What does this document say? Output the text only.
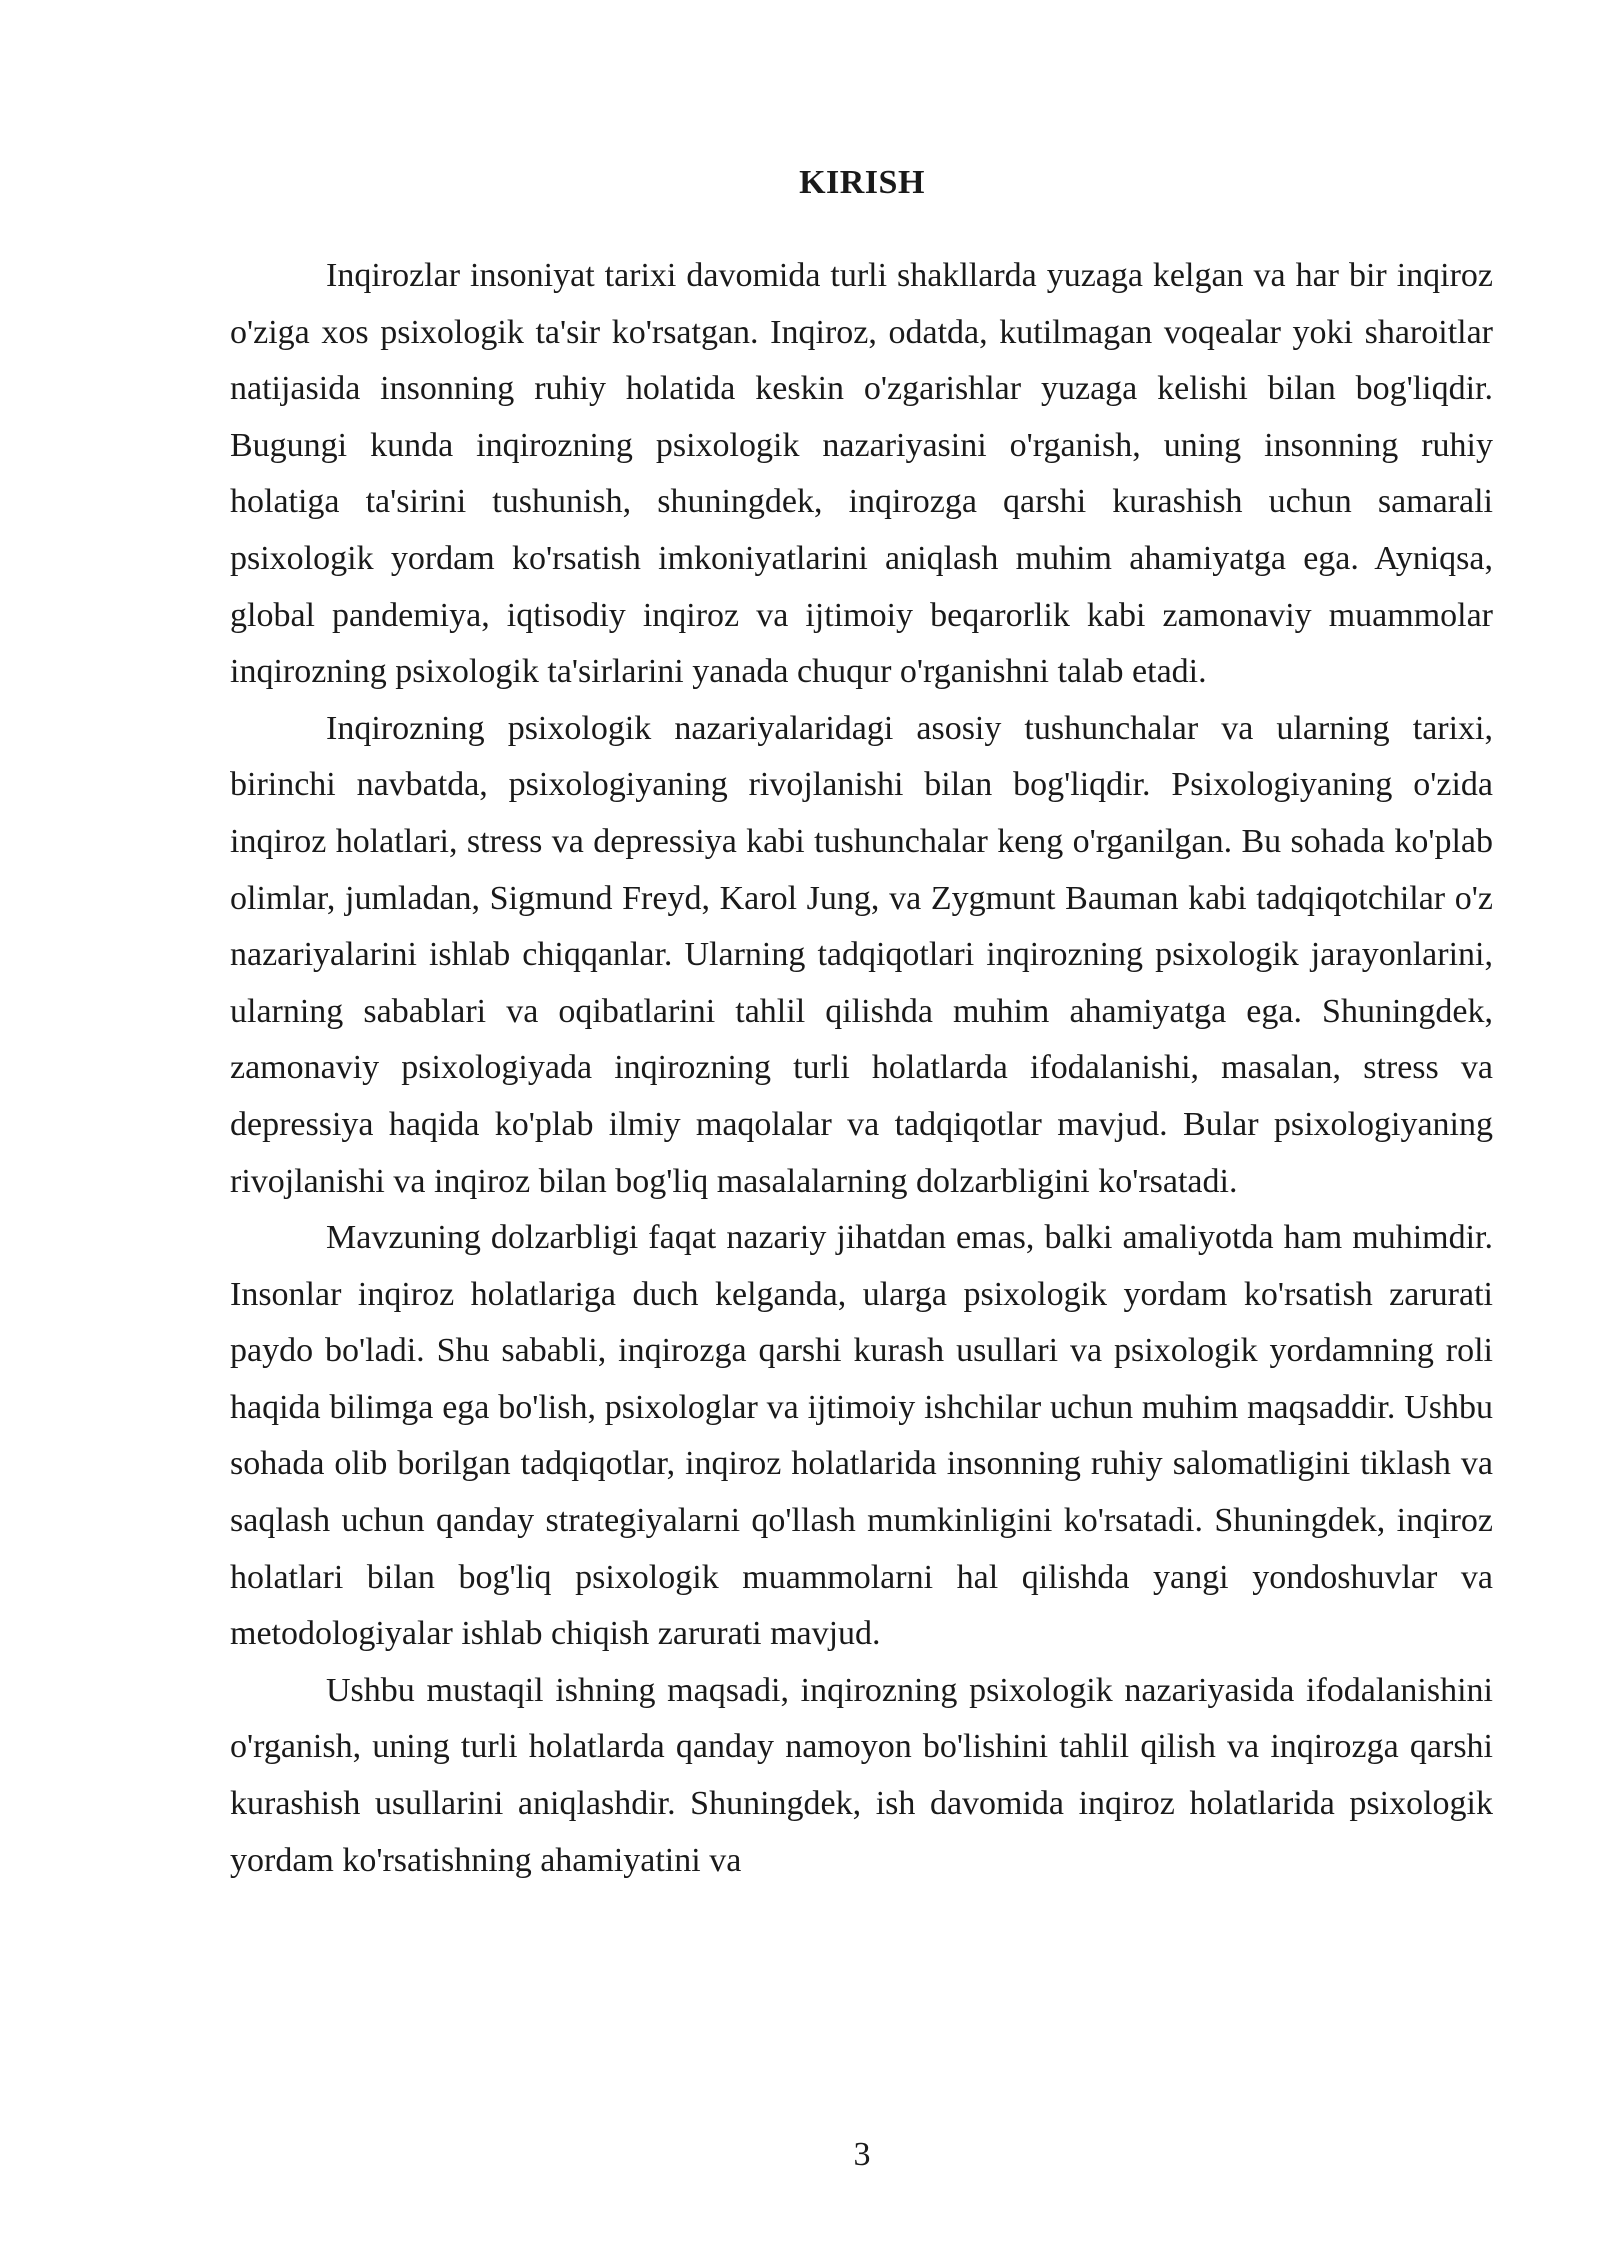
KIRISH

Inqirozlar insoniyat tarixi davomida turli shakllarda yuzaga kelgan va har bir inqiroz o'ziga xos psixologik ta'sir ko'rsatgan. Inqiroz, odatda, kutilmagan voqealar yoki sharoitlar natijasida insonning ruhiy holatida keskin o'zgarishlar yuzaga kelishi bilan bog'liqdir. Bugungi kunda inqirozning psixologik nazariyasini o'rganish, uning insonning ruhiy holatiga ta'sirini tushunish, shuningdek, inqirozga qarshi kurashish uchun samarali psixologik yordam ko'rsatish imkoniyatlarini aniqlash muhim ahamiyatga ega. Ayniqsa, global pandemiya, iqtisodiy inqiroz va ijtimoiy beqarorlik kabi zamonaviy muammolar inqirozning psixologik ta'sirlarini yanada chuqur o'rganishni talab etadi.

Inqirozning psixologik nazariyalaridagi asosiy tushunchalar va ularning tarixi, birinchi navbatda, psixologiyaning rivojlanishi bilan bog'liqdir. Psixologiyaning o'zida inqiroz holatlari, stress va depressiya kabi tushunchalar keng o'rganilgan. Bu sohada ko'plab olimlar, jumladan, Sigmund Freyd, Karol Jung, va Zygmunt Bauman kabi tadqiqotchilar o'z nazariyalarini ishlab chiqqanlar. Ularning tadqiqotlari inqirozning psixologik jarayonlarini, ularning sabablari va oqibatlarini tahlil qilishda muhim ahamiyatga ega. Shuningdek, zamonaviy psixologiyada inqirozning turli holatlarda ifodalanishi, masalan, stress va depressiya haqida ko'plab ilmiy maqolalar va tadqiqotlar mavjud. Bular psixologiyaning rivojlanishi va inqiroz bilan bog'liq masalalarning dolzarbligini ko'rsatadi.

Mavzuning dolzarbligi faqat nazariy jihatdan emas, balki amaliyotda ham muhimdir. Insonlar inqiroz holatlariga duch kelganda, ularga psixologik yordam ko'rsatish zarurati paydo bo'ladi. Shu sababli, inqirozga qarshi kurash usullari va psixologik yordamning roli haqida bilimga ega bo'lish, psixologlar va ijtimoiy ishchilar uchun muhim maqsaddir. Ushbu sohada olib borilgan tadqiqotlar, inqiroz holatlarida insonning ruhiy salomatligini tiklash va saqlash uchun qanday strategiyalarni qo'llash mumkinligini ko'rsatadi. Shuningdek, inqiroz holatlari bilan bog'liq psixologik muammolarni hal qilishda yangi yondoshuvlar va metodologiyalar ishlab chiqish zarurati mavjud.

Ushbu mustaqil ishning maqsadi, inqirozning psixologik nazariyasida ifodalanishini o'rganish, uning turli holatlarda qanday namoyon bo'lishini tahlil qilish va inqirozga qarshi kurashish usullarini aniqlashdir. Shuningdek, ish davomida inqiroz holatlarida psixologik yordam ko'rsatishning ahamiyatini va

3
